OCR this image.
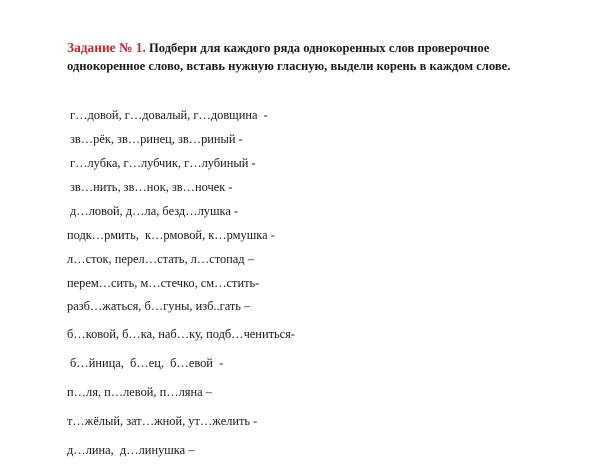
Задание № 1. Подбери для каждого ряда однокоренных слов проверочное однокоренное слово, вставь нужную гласную, выдели корень в каждом слове.

г…довой, г…довалый, г…довщина  -
зв…рёк, зв…ринец, зв…риный -
г…лубка, г…лубчик, г…лубиный -
зв…нить, зв…нок, зв…ночек -
д…ловой, д…ла, безд…лушка -
подк…рмить,  к…рмовой, к…рмушка -
л…сток, перел…стать, л…стопад –
перем…сить, м…стечко, см…стить-
разб…жаться, б…гуны, изб..гать –
б…ковой, б…ка, наб…ку, подб…чениться-
б…йница,  б…ец,  б…евой  -
п…ля, п…левой, п…ляна –
т…жёлый, зат…жной, ут…желить -
д…лина,  д…линушка –
